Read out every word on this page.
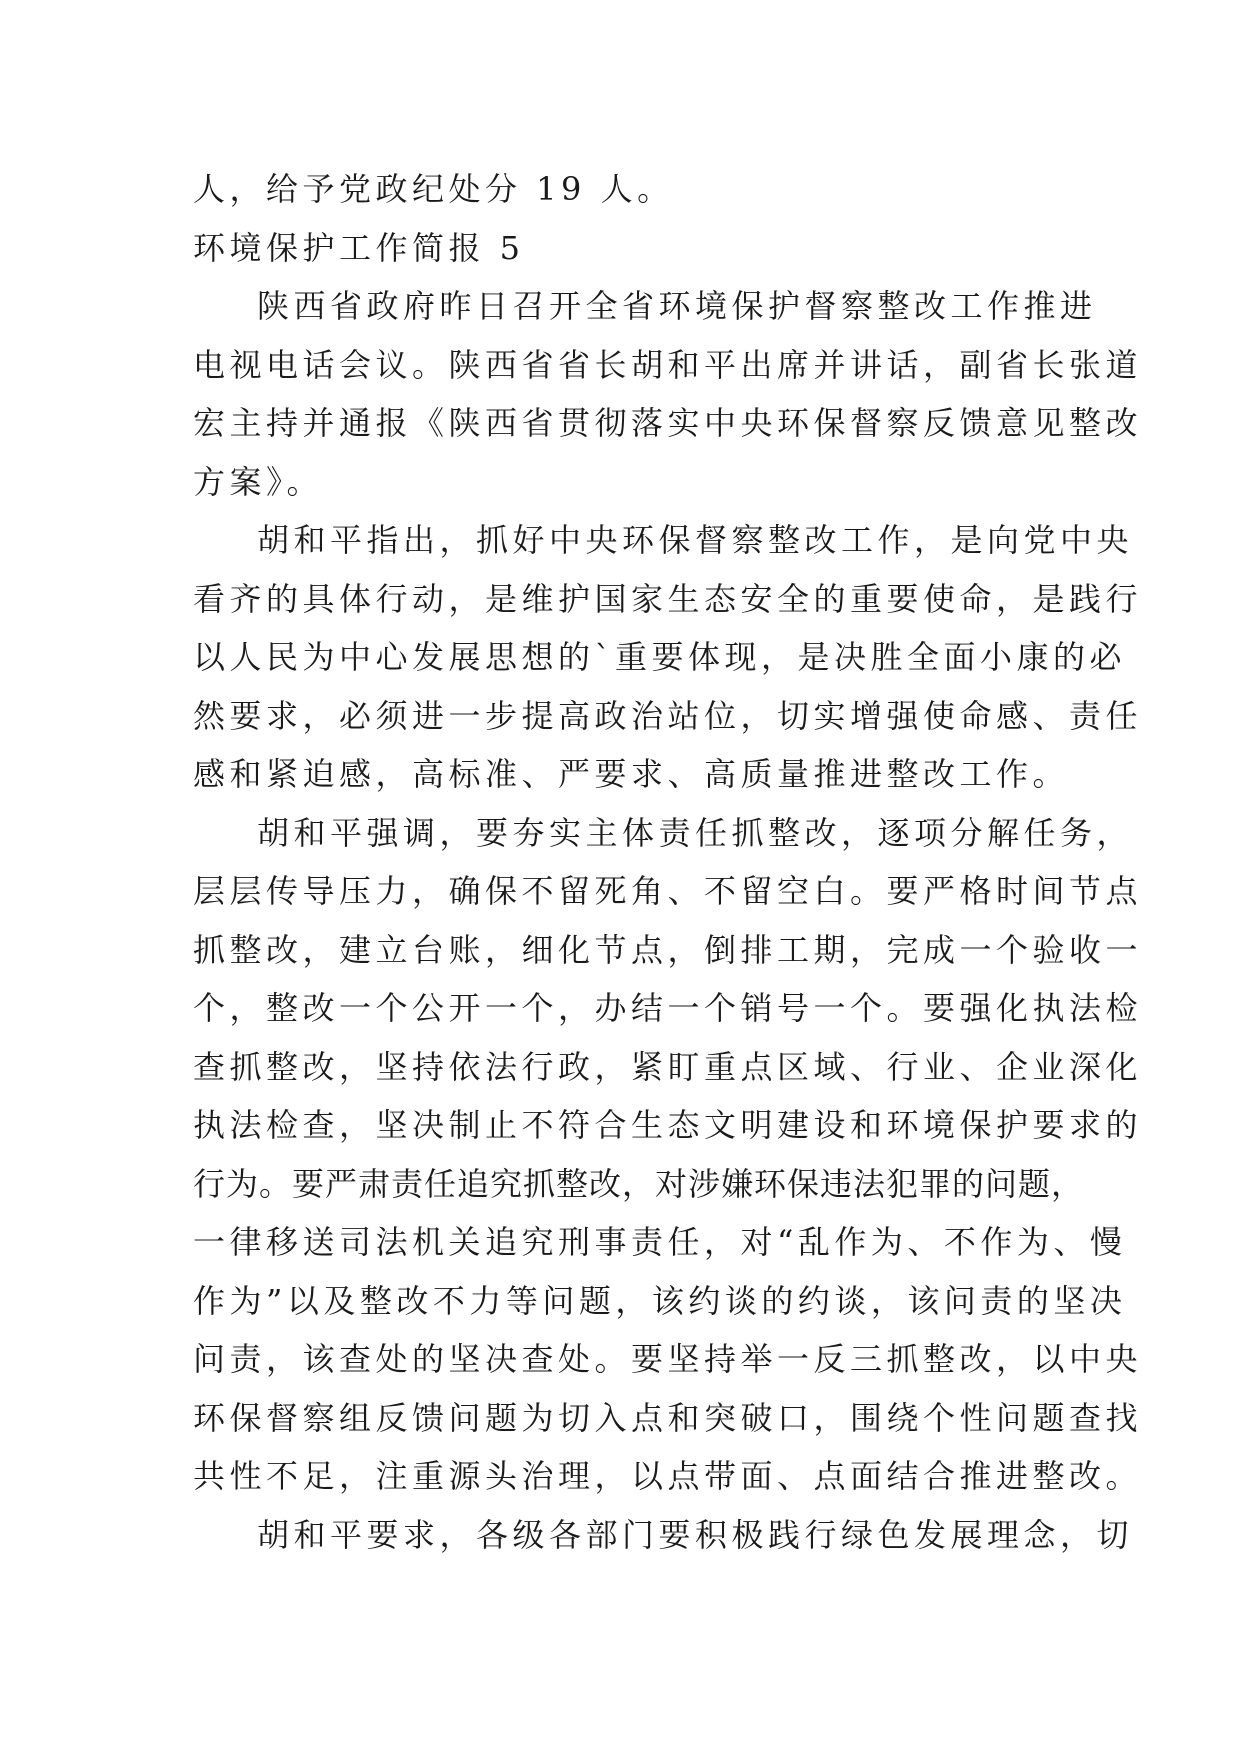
人，给予党政纪处分 19 人。
环境保护工作简报 5
陕西省政府昨日召开全省环境保护督察整改工作推进
电视电话会议。陕西省省长胡和平出席并讲话，副省长张道
宏主持并通报《陕西省贯彻落实中央环保督察反馈意见整改
方案》。
胡和平指出，抓好中央环保督察整改工作，是向党中央
看齐的具体行动，是维护国家生态安全的重要使命，是践行
以人民为中心发展思想的`重要体现，是决胜全面小康的必
然要求，必须进一步提高政治站位，切实增强使命感、责任
感和紧迫感，高标准、严要求、高质量推进整改工作。
胡和平强调，要夯实主体责任抓整改，逐项分解任务，
层层传导压力，确保不留死角、不留空白。要严格时间节点
抓整改，建立台账，细化节点，倒排工期，完成一个验收一
个，整改一个公开一个，办结一个销号一个。要强化执法检
查抓整改，坚持依法行政，紧盯重点区域、行业、企业深化
执法检查，坚决制止不符合生态文明建设和环境保护要求的
行为。要严肃责任追究抓整改，对涉嫌环保违法犯罪的问题，
一律移送司法机关追究刑事责任，对“乱作为、不作为、慢
作为”以及整改不力等问题，该约谈的约谈，该问责的坚决
问责，该查处的坚决查处。要坚持举一反三抓整改，以中央
环保督察组反馈问题为切入点和突破口，围绕个性问题查找
共性不足，注重源头治理，以点带面、点面结合推进整改。
胡和平要求，各级各部门要积极践行绿色发展理念，切
